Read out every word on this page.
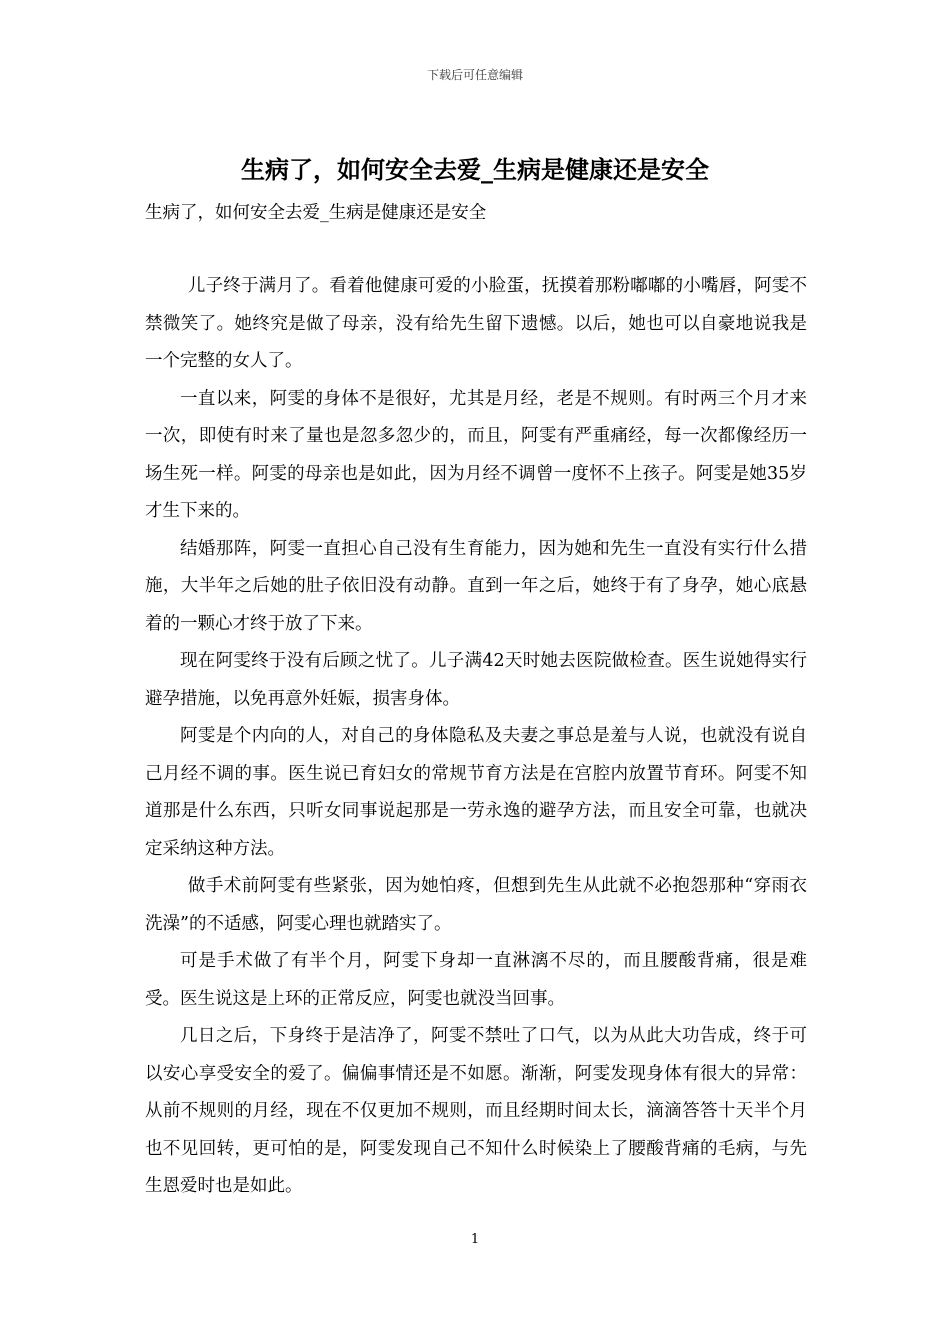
下载后可任意编辑
生病了，如何安全去爱_生病是健康还是安全
生病了，如何安全去爱_生病是健康还是安全

儿子终于满月了。看着他健康可爱的小脸蛋，抚摸着那粉嘟嘟的小嘴唇，阿雯不禁微笑了。她终究是做了母亲，没有给先生留下遗憾。以后，她也可以自豪地说我是一个完整的女人了。

一直以来，阿雯的身体不是很好，尤其是月经，老是不规则。有时两三个月才来一次，即使有时来了量也是忽多忽少的，而且，阿雯有严重痛经，每一次都像经历一场生死一样。阿雯的母亲也是如此，因为月经不调曾一度怀不上孩子。阿雯是她35岁才生下来的。

结婚那阵，阿雯一直担心自己没有生育能力，因为她和先生一直没有实行什么措施，大半年之后她的肚子依旧没有动静。直到一年之后，她终于有了身孕，她心底悬着的一颗心才终于放了下来。

现在阿雯终于没有后顾之忧了。儿子满42天时她去医院做检查。医生说她得实行避孕措施，以免再意外妊娠，损害身体。

阿雯是个内向的人，对自己的身体隐私及夫妻之事总是羞与人说，也就没有说自己月经不调的事。医生说已育妇女的常规节育方法是在宫腔内放置节育环。阿雯不知道那是什么东西，只听女同事说起那是一劳永逸的避孕方法，而且安全可靠，也就决定采纳这种方法。

做手术前阿雯有些紧张，因为她怕疼，但想到先生从此就不必抱怨那种“穿雨衣洗澡”的不适感，阿雯心理也就踏实了。

可是手术做了有半个月，阿雯下身却一直淋漓不尽的，而且腰酸背痛，很是难受。医生说这是上环的正常反应，阿雯也就没当回事。

几日之后，下身终于是洁净了，阿雯不禁吐了口气，以为从此大功告成，终于可以安心享受安全的爱了。偏偏事情还是不如愿。渐渐，阿雯发现身体有很大的异常：从前不规则的月经，现在不仅更加不规则，而且经期时间太长，滴滴答答十天半个月也不见回转，更可怕的是，阿雯发现自己不知什么时候染上了腰酸背痛的毛病，与先生恩爱时也是如此。

1
